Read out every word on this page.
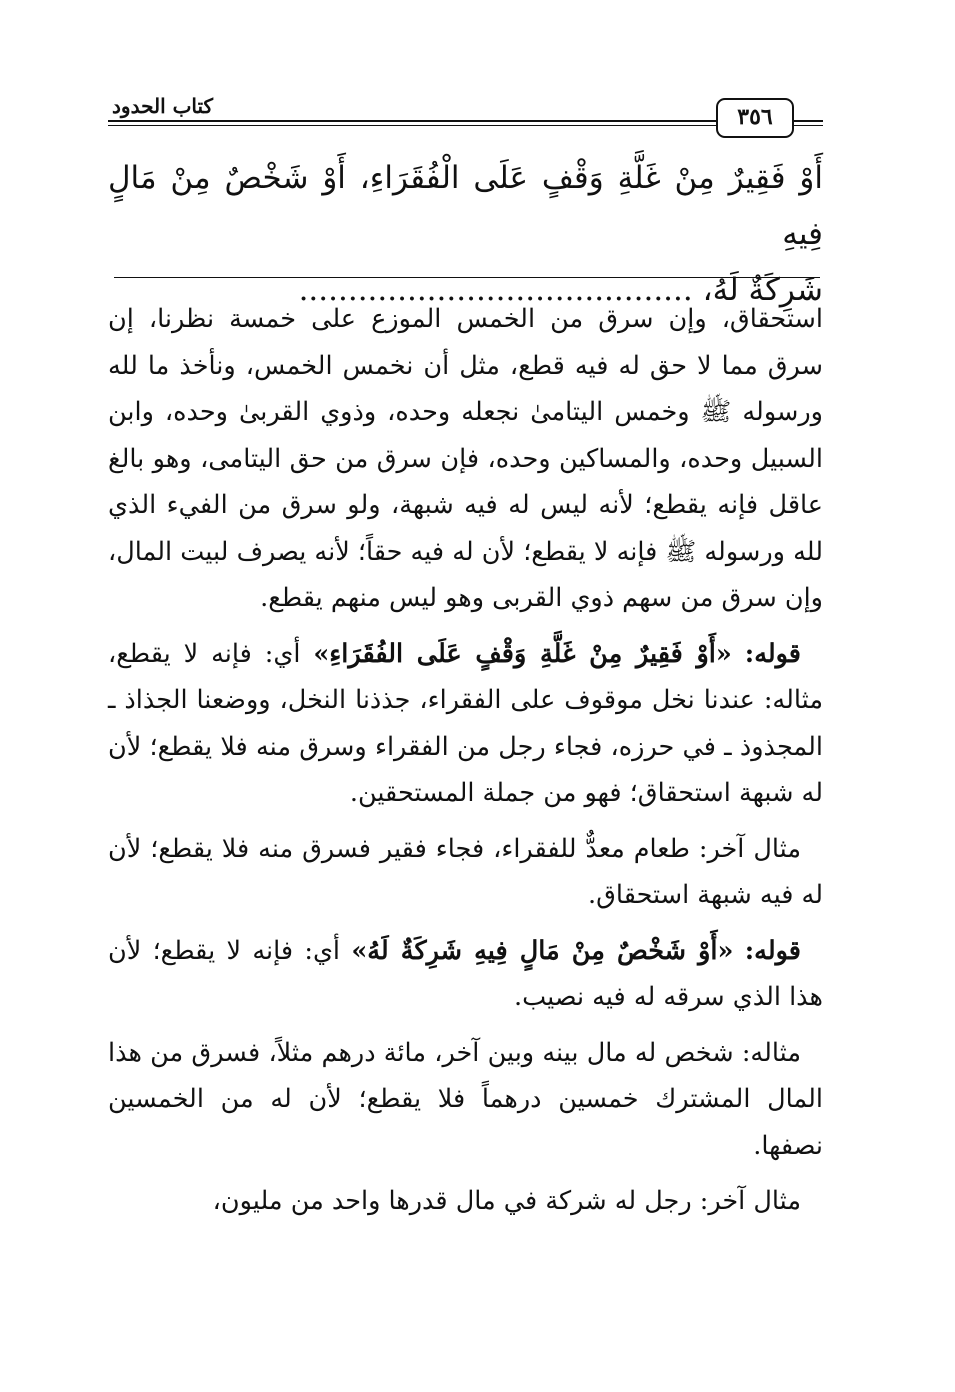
كتاب الحدود	٣٥٦

أَوْ فَقِيرٌ مِنْ غَلَّةِ وَقْفٍ عَلَى الْفُقَرَاءِ، أَوْ شَخْصٌ مِنْ مَالٍ فِيهِ

شَرِكَةٌ لَهُ، ........................................

استحقاق، وإن سرق من الخمس الموزع على خمسة نظرنا، إن سرق مما لا حق له فيه قطع، مثل أن نخمس الخمس، ونأخذ ما لله ورسوله ﷺ وخمس اليتامىٰ نجعله وحده، وذوي القربىٰ وحده، وابن السبيل وحده، والمساكين وحده، فإن سرق من حق اليتامى، وهو بالغ عاقل فإنه يقطع؛ لأنه ليس له فيه شبهة، ولو سرق من الفيء الذي لله ورسوله ﷺ فإنه لا يقطع؛ لأن له فيه حقاً؛ لأنه يصرف لبيت المال، وإن سرق من سهم ذوي القربى وهو ليس منهم يقطع.

قوله: «أَوْ فَقِيرٌ مِنْ غَلَّةِ وَقْفٍ عَلَى الفُقَرَاءِ» أي: فإنه لا يقطع، مثاله: عندنا نخل موقوف على الفقراء، جذذنا النخل، ووضعنا الجذاذ ـ المجذوذ ـ في حرزه، فجاء رجل من الفقراء وسرق منه فلا يقطع؛ لأن له شبهة استحقاق؛ فهو من جملة المستحقين.

مثال آخر: طعام معدٌّ للفقراء، فجاء فقير فسرق منه فلا يقطع؛ لأن له فيه شبهة استحقاق.

قوله: «أَوْ شَخْصٌ مِنْ مَالٍ فِيهِ شَرِكَةٌ لَهُ» أي: فإنه لا يقطع؛ لأن هذا الذي سرقه له فيه نصيب.

مثاله: شخص له مال بينه وبين آخر، مائة درهم مثلاً، فسرق من هذا المال المشترك خمسين درهماً فلا يقطع؛ لأن له من الخمسين نصفها.

مثال آخر: رجل له شركة في مال قدرها واحد من مليون،
